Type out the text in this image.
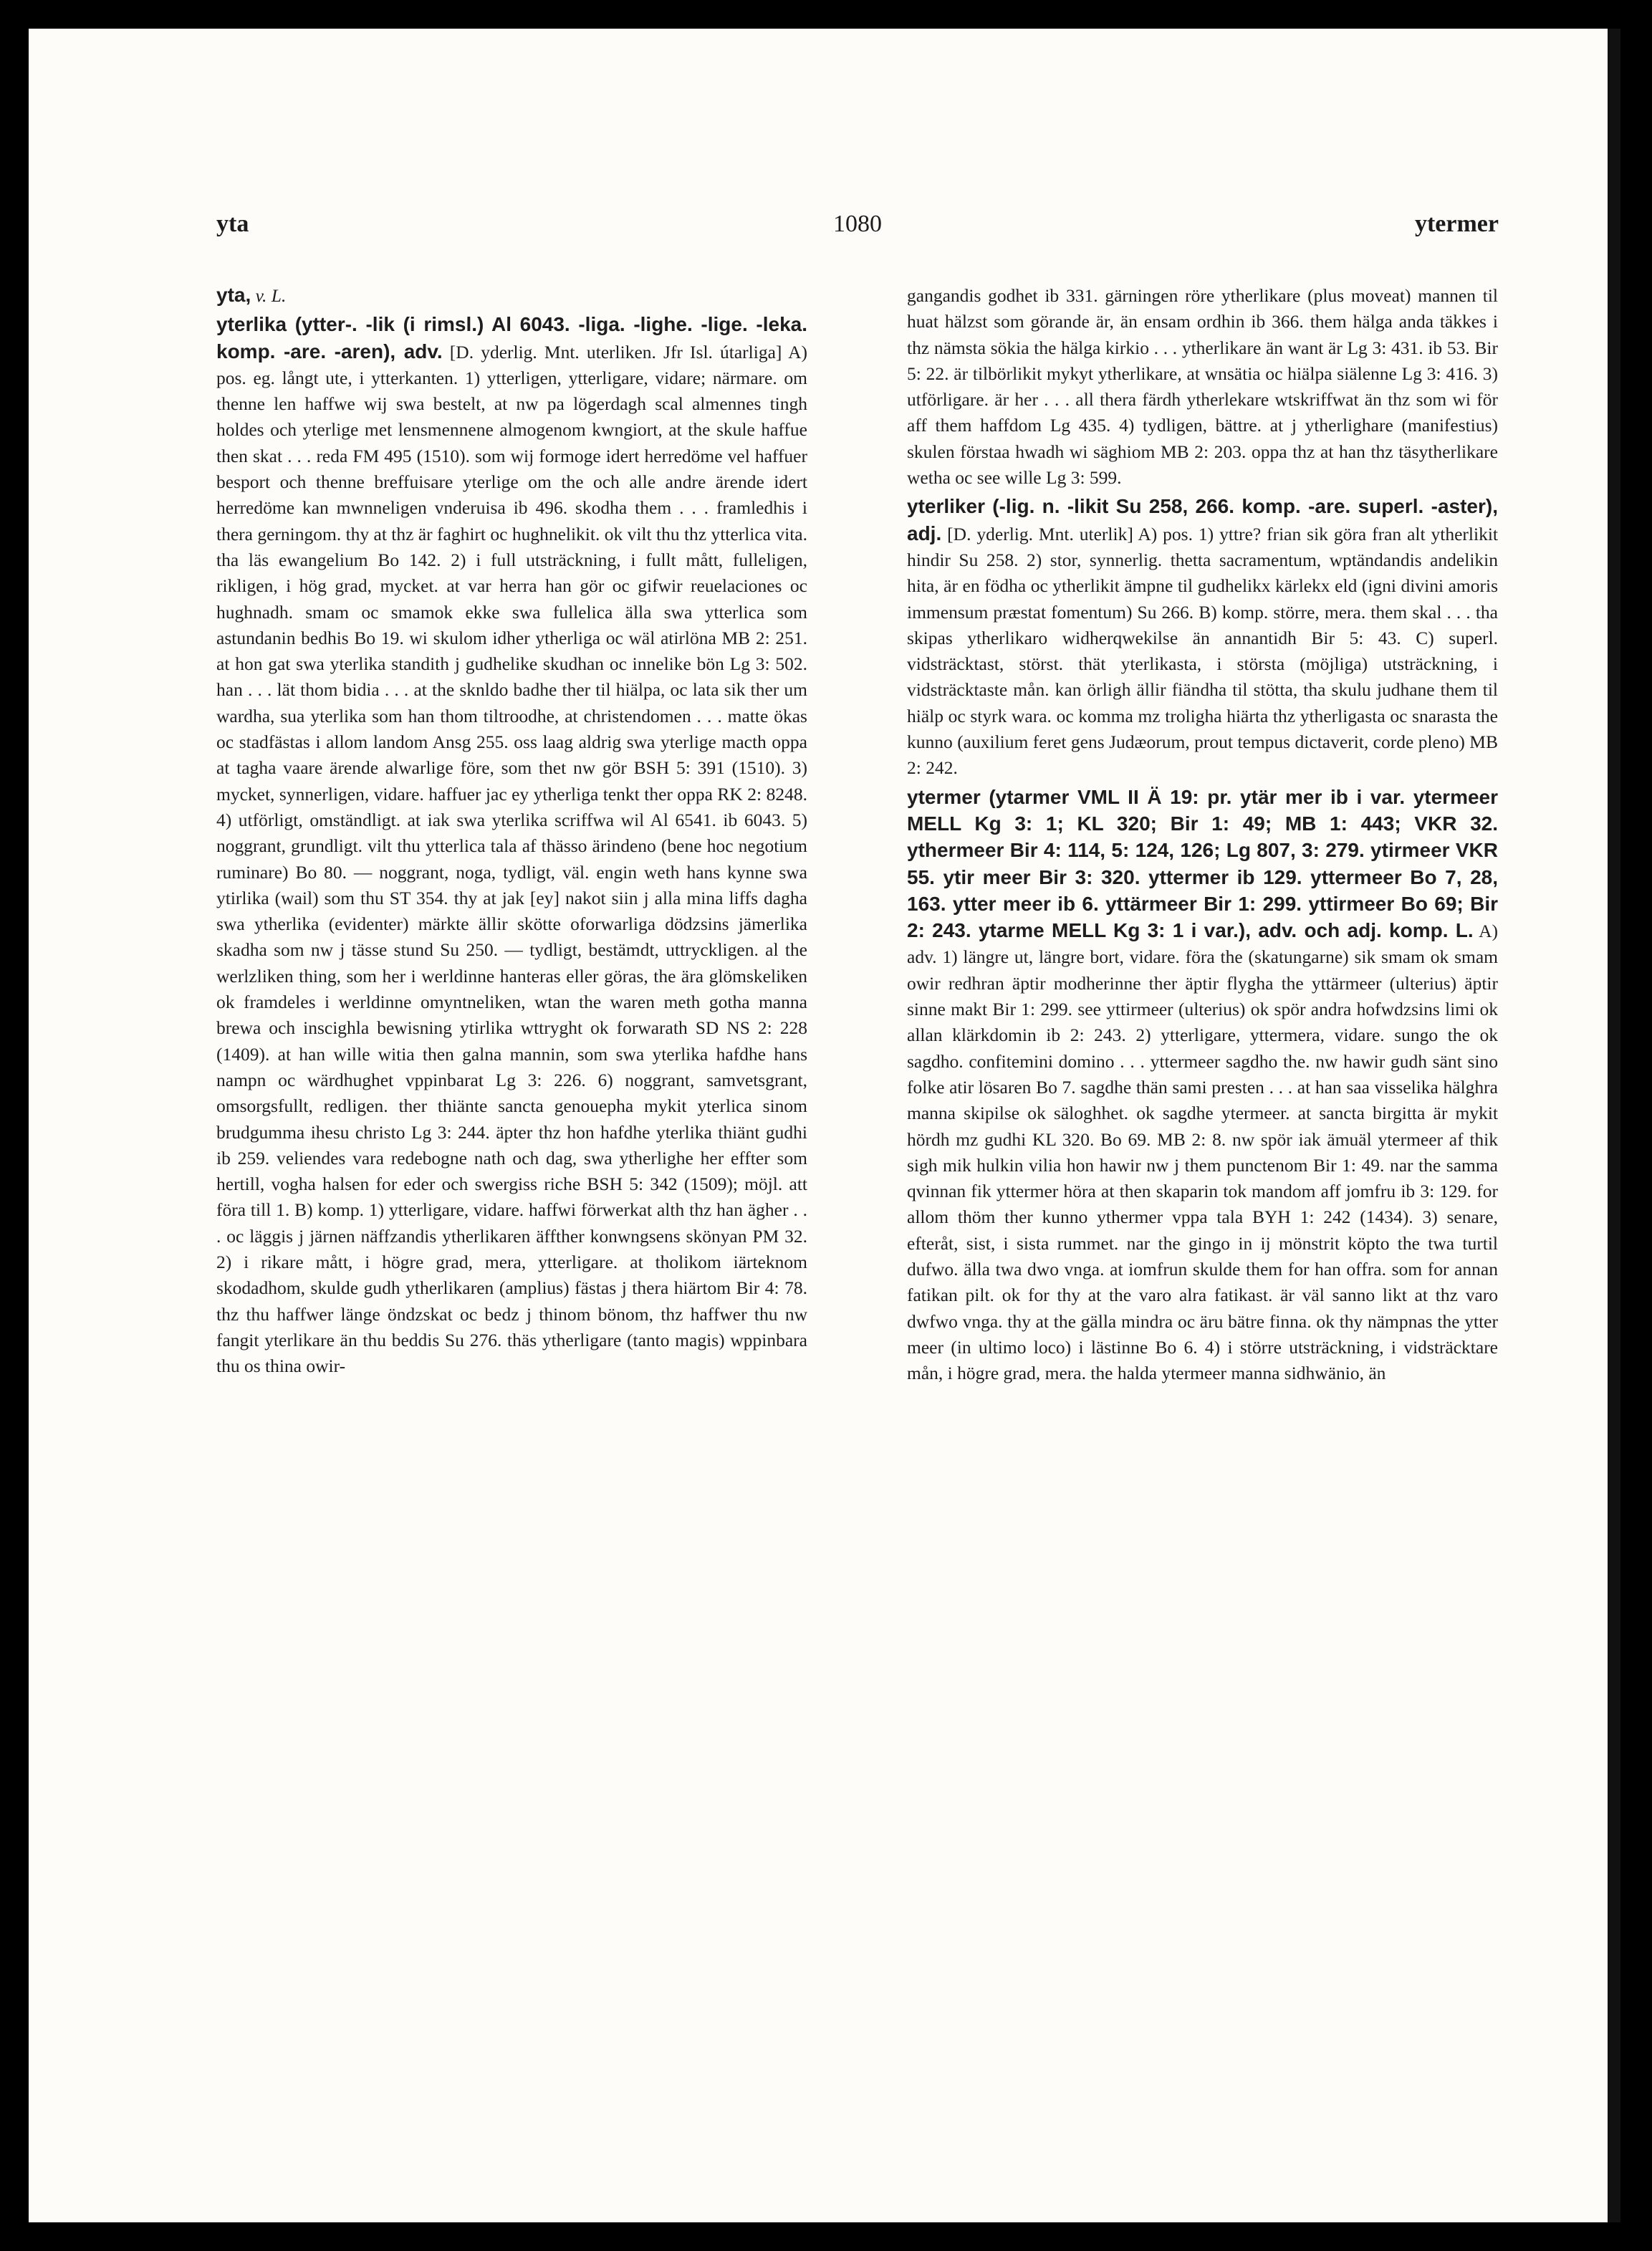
yta	1080	ytermer

yta, v. L.

yterlika (ytter-. -lik (i rimsl.) Al 6043. -liga. -lighe. -lige. -leka. komp. -are. -aren), adv. [D. yderlig. Mnt. uterliken. Jfr Isl. útarliga] A) pos. eg. långt ute, i ytterkanten. 1) ytterligen, ytterligare, vidare; närmare. om thenne len haffwe wij swa bestelt, at nw pa lögerdagh scal almennes tingh holdes och yterlige met lensmennene almogenom kwngiort, at the skule haffue then skat . . . reda FM 495 (1510). som wij formoge idert herredöme vel haffuer besport och thenne breffuisare yterlige om the och alle andre ärende idert herredöme kan mwnneligen vnderuisa ib 496. skodha them . . . framledhis i thera gerningom. thy at thz är faghirt oc hughnelikit. ok vilt thu thz ytterlica vita. tha läs ewangelium Bo 142. 2) i full utsträckning, i fullt mått, fulleligen, rikligen, i hög grad, mycket. at var herra han gör oc gifwir reuelaciones oc hughnadh. smam oc smamok ekke swa fullelica älla swa ytterlica som astundanin bedhis Bo 19. wi skulom idher ytherliga oc wäl atirlöna MB 2: 251. at hon gat swa yterlika standith j gudhelike skudhan oc innelike bön Lg 3: 502. han . . . lät thom bidia . . . at the sknldo badhe ther til hiälpa, oc lata sik ther um wardha, sua yterlika som han thom tiltroodhe, at christendomen . . . matte ökas oc stadfästas i allom landom Ansg 255. oss laag aldrig swa yterlige macth oppa at tagha vaare ärende alwarlige före, som thet nw gör BSH 5: 391 (1510). 3) mycket, synnerligen, vidare. haffuer jac ey ytherliga tenkt ther oppa RK 2: 8248. 4) utförligt, omständligt. at iak swa yterlika scriffwa wil Al 6541. ib 6043. 5) noggrant, grundligt. vilt thu ytterlica tala af thässo ärindeno (bene hoc negotium ruminare) Bo 80. — noggrant, noga, tydligt, väl. engin weth hans kynne swa ytirlika (wail) som thu ST 354. thy at jak [ey] nakot siin j alla mina liffs dagha swa ytherlika (evidenter) märkte ällir skötte oforwarliga dödzsins jämerlika skadha som nw j tässe stund Su 250. — tydligt, bestämdt, uttryckligen. al the werlzliken thing, som her i werldinne hanteras eller göras, the ära glömskeliken ok framdeles i werldinne omyntneliken, wtan the waren meth gotha manna brewa och inscighla bewisning ytirlika wttryght ok forwarath SD NS 2: 228 (1409). at han wille witia then galna mannin, som swa yterlika hafdhe hans nampn oc wärdhughet vppinbarat Lg 3: 226. 6) noggrant, samvetsgrant, omsorgsfullt, redligen. ther thiänte sancta genouepha mykit yterlica sinom brudgumma ihesu christo Lg 3: 244. äpter thz hon hafdhe yterlika thiänt gudhi ib 259. veliendes vara redebogne nath och dag, swa ytherlighe her effter som hertill, vogha halsen for eder och swergiss riche BSH 5: 342 (1509); möjl. att föra till 1. B) komp. 1) ytterligare, vidare. haffwi förwerkat alth thz han ägher . . . oc läggis j järnen näffzandis ytherlikaren äffther konwngsens skönyan PM 32. 2) i rikare mått, i högre grad, mera, ytterligare. at tholikom iärteknom skodadhom, skulde gudh ytherlikaren (amplius) fästas j thera hiärtom Bir 4: 78. thz thu haffwer länge öndzskat oc bedz j thinom bönom, thz haffwer thu nw fangit yterlikare än thu beddis Su 276. thäs ytherligare (tanto magis) wppinbara thu os thina owir-

gangandis godhet ib 331. gärningen röre ytherlikare (plus moveat) mannen til huat hälzst som görande är, än ensam ordhin ib 366. them hälga anda täkkes i thz nämsta sökia the hälga kirkio . . . ytherlikare än want är Lg 3: 431. ib 53. Bir 5: 22. är tilbörlikit mykyt ytherlikare, at wnsätia oc hiälpa siälenne Lg 3: 416. 3) utförligare. är her . . . all thera färdh ytherlekare wtskriffwat än thz som wi för aff them haffdom Lg 435. 4) tydligen, bättre. at j ytherlighare (manifestius) skulen förstaa hwadh wi säghiom MB 2: 203. oppa thz at han thz täsytherlikare wetha oc see wille Lg 3: 599.

yterliker (-lig. n. -likit Su 258, 266. komp. -are. superl. -aster), adj. [D. yderlig. Mnt. uterlik] A) pos. 1) yttre? frian sik göra fran alt ytherlikit hindir Su 258. 2) stor, synnerlig. thetta sacramentum, wptändandis andelikin hita, är en födha oc ytherlikit ämpne til gudhelikx kärlekx eld (igni divini amoris immensum præstat fomentum) Su 266. B) komp. större, mera. them skal . . . tha skipas ytherlikaro widherqwekilse än annantidh Bir 5: 43. C) superl. vidsträcktast, störst. thät yterlikasta, i största (möjliga) utsträckning, i vidsträcktaste mån. kan örligh ällir fiändha til stötta, tha skulu judhane them til hiälp oc styrk wara. oc komma mz troligha hiärta thz ytherligasta oc snarasta the kunno (auxilium feret gens Judæorum, prout tempus dictaverit, corde pleno) MB 2: 242.

ytermer (ytarmer VML II Ä 19: pr. ytär mer ib i var. ytermeer MELL Kg 3: 1; KL 320; Bir 1: 49; MB 1: 443; VKR 32. ythermeer Bir 4: 114, 5: 124, 126; Lg 807, 3: 279. ytirmeer VKR 55. ytir meer Bir 3: 320. yttermer ib 129. yttermeer Bo 7, 28, 163. ytter meer ib 6. yttärmeer Bir 1: 299. yttirmeer Bo 69; Bir 2: 243. ytarme MELL Kg 3: 1 i var.), adv. och adj. komp. L. A) adv. 1) längre ut, längre bort, vidare. föra the (skatungarne) sik smam ok smam owir redhran äptir modherinne ther äptir flygha the yttärmeer (ulterius) äptir sinne makt Bir 1: 299. see yttirmeer (ulterius) ok spör andra hofwdzsins limi ok allan klärkdomin ib 2: 243. 2) ytterligare, yttermera, vidare. sungo the ok sagdho. confitemini domino . . . yttermeer sagdho the. nw hawir gudh sänt sino folke atir lösaren Bo 7. sagdhe thän sami presten . . . at han saa visselika hälghra manna skipilse ok säloghhet. ok sagdhe ytermeer. at sancta birgitta är mykit hördh mz gudhi KL 320. Bo 69. MB 2: 8. nw spör iak ämuäl ytermeer af thik sigh mik hulkin vilia hon hawir nw j them punctenom Bir 1: 49. nar the samma qvinnan fik yttermer höra at then skaparin tok mandom aff jomfru ib 3: 129. for allom thöm ther kunno ythermer vppa tala BYH 1: 242 (1434). 3) senare, efteråt, sist, i sista rummet. nar the gingo in ij mönstrit köpto the twa turtil dufwo. älla twa dwo vnga. at iomfrun skulde them for han offra. som for annan fatikan pilt. ok for thy at the varo alra fatikast. är väl sanno likt at thz varo dwfwo vnga. thy at the gälla mindra oc äru bätre finna. ok thy nämpnas the ytter meer (in ultimo loco) i lästinne Bo 6. 4) i större utsträckning, i vidsträcktare mån, i högre grad, mera. the halda ytermeer manna sidhwänio, än
